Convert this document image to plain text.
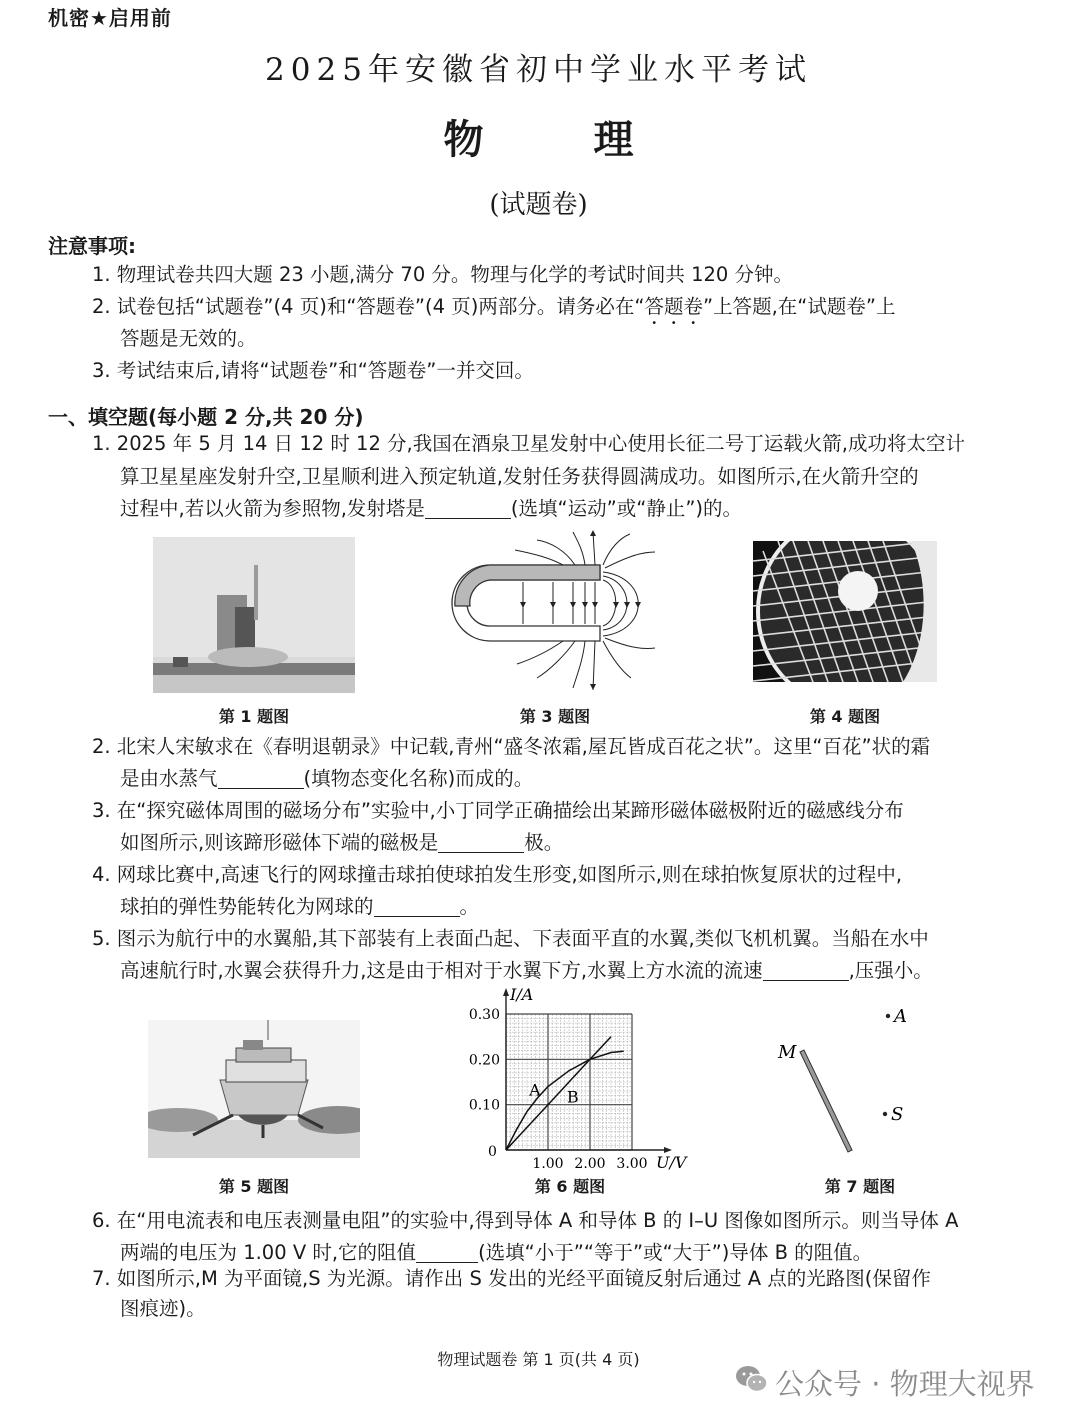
机密★启用前
2025年安徽省初中学业水平考试
物	理
(试题卷)
注意事项:
1. 物理试卷共四大题 23 小题,满分 70 分。物理与化学的考试时间共 120 分钟。
2. 试卷包括“试题卷”(4 页)和“答题卷”(4 页)两部分。请务必在“答题卷”上答题,在“试题卷”上
答题是无效的。
3. 考试结束后,请将“试题卷”和“答题卷”一并交回。
一、填空题(每小题 2 分,共 20 分)
1. 2025 年 5 月 14 日 12 时 12 分,我国在酒泉卫星发射中心使用长征二号丁运载火箭,成功将太空计
算卫星星座发射升空,卫星顺利进入预定轨道,发射任务获得圆满成功。如图所示,在火箭升空的
过程中,若以火箭为参照物,发射塔是	(选填“运动”或“静止”)的。
第 1 题图	第 3 题图	第 4 题图
2. 北宋人宋敏求在《春明退朝录》中记载,青州“盛冬浓霜,屋瓦皆成百花之状”。这里“百花”状的霜
是由水蒸气	(填物态变化名称)而成的。
3. 在“探究磁体周围的磁场分布”实验中,小丁同学正确描绘出某蹄形磁体磁极附近的磁感线分布
如图所示,则该蹄形磁体下端的磁极是	极。
4. 网球比赛中,高速飞行的网球撞击球拍使球拍发生形变,如图所示,则在球拍恢复原状的过程中,
球拍的弹性势能转化为网球的	。
5. 图示为航行中的水翼船,其下部装有上表面凸起、下表面平直的水翼,类似飞机机翼。当船在水中
高速航行时,水翼会获得升力,这是由于相对于水翼下方,水翼上方水流的流速	,压强小。
第 5 题图
1.00 2.00 3.00
0.10
0.20
0.30
0
U/V
I/A
A B
第 6 题图
M
A
S
第 7 题图
6. 在“用电流表和电压表测量电阻”的实验中,得到导体 A 和导体 B 的 I–U 图像如图所示。则当导体 A
两端的电压为 1.00 V 时,它的阻值	(选填“小于”“等于”或“大于”)导体 B 的阻值。
7. 如图所示,M 为平面镜,S 为光源。请作出 S 发出的光经平面镜反射后通过 A 点的光路图(保留作
图痕迹)。
物理试题卷 第 1 页(共 4 页)
公众号 · 物理大视界
